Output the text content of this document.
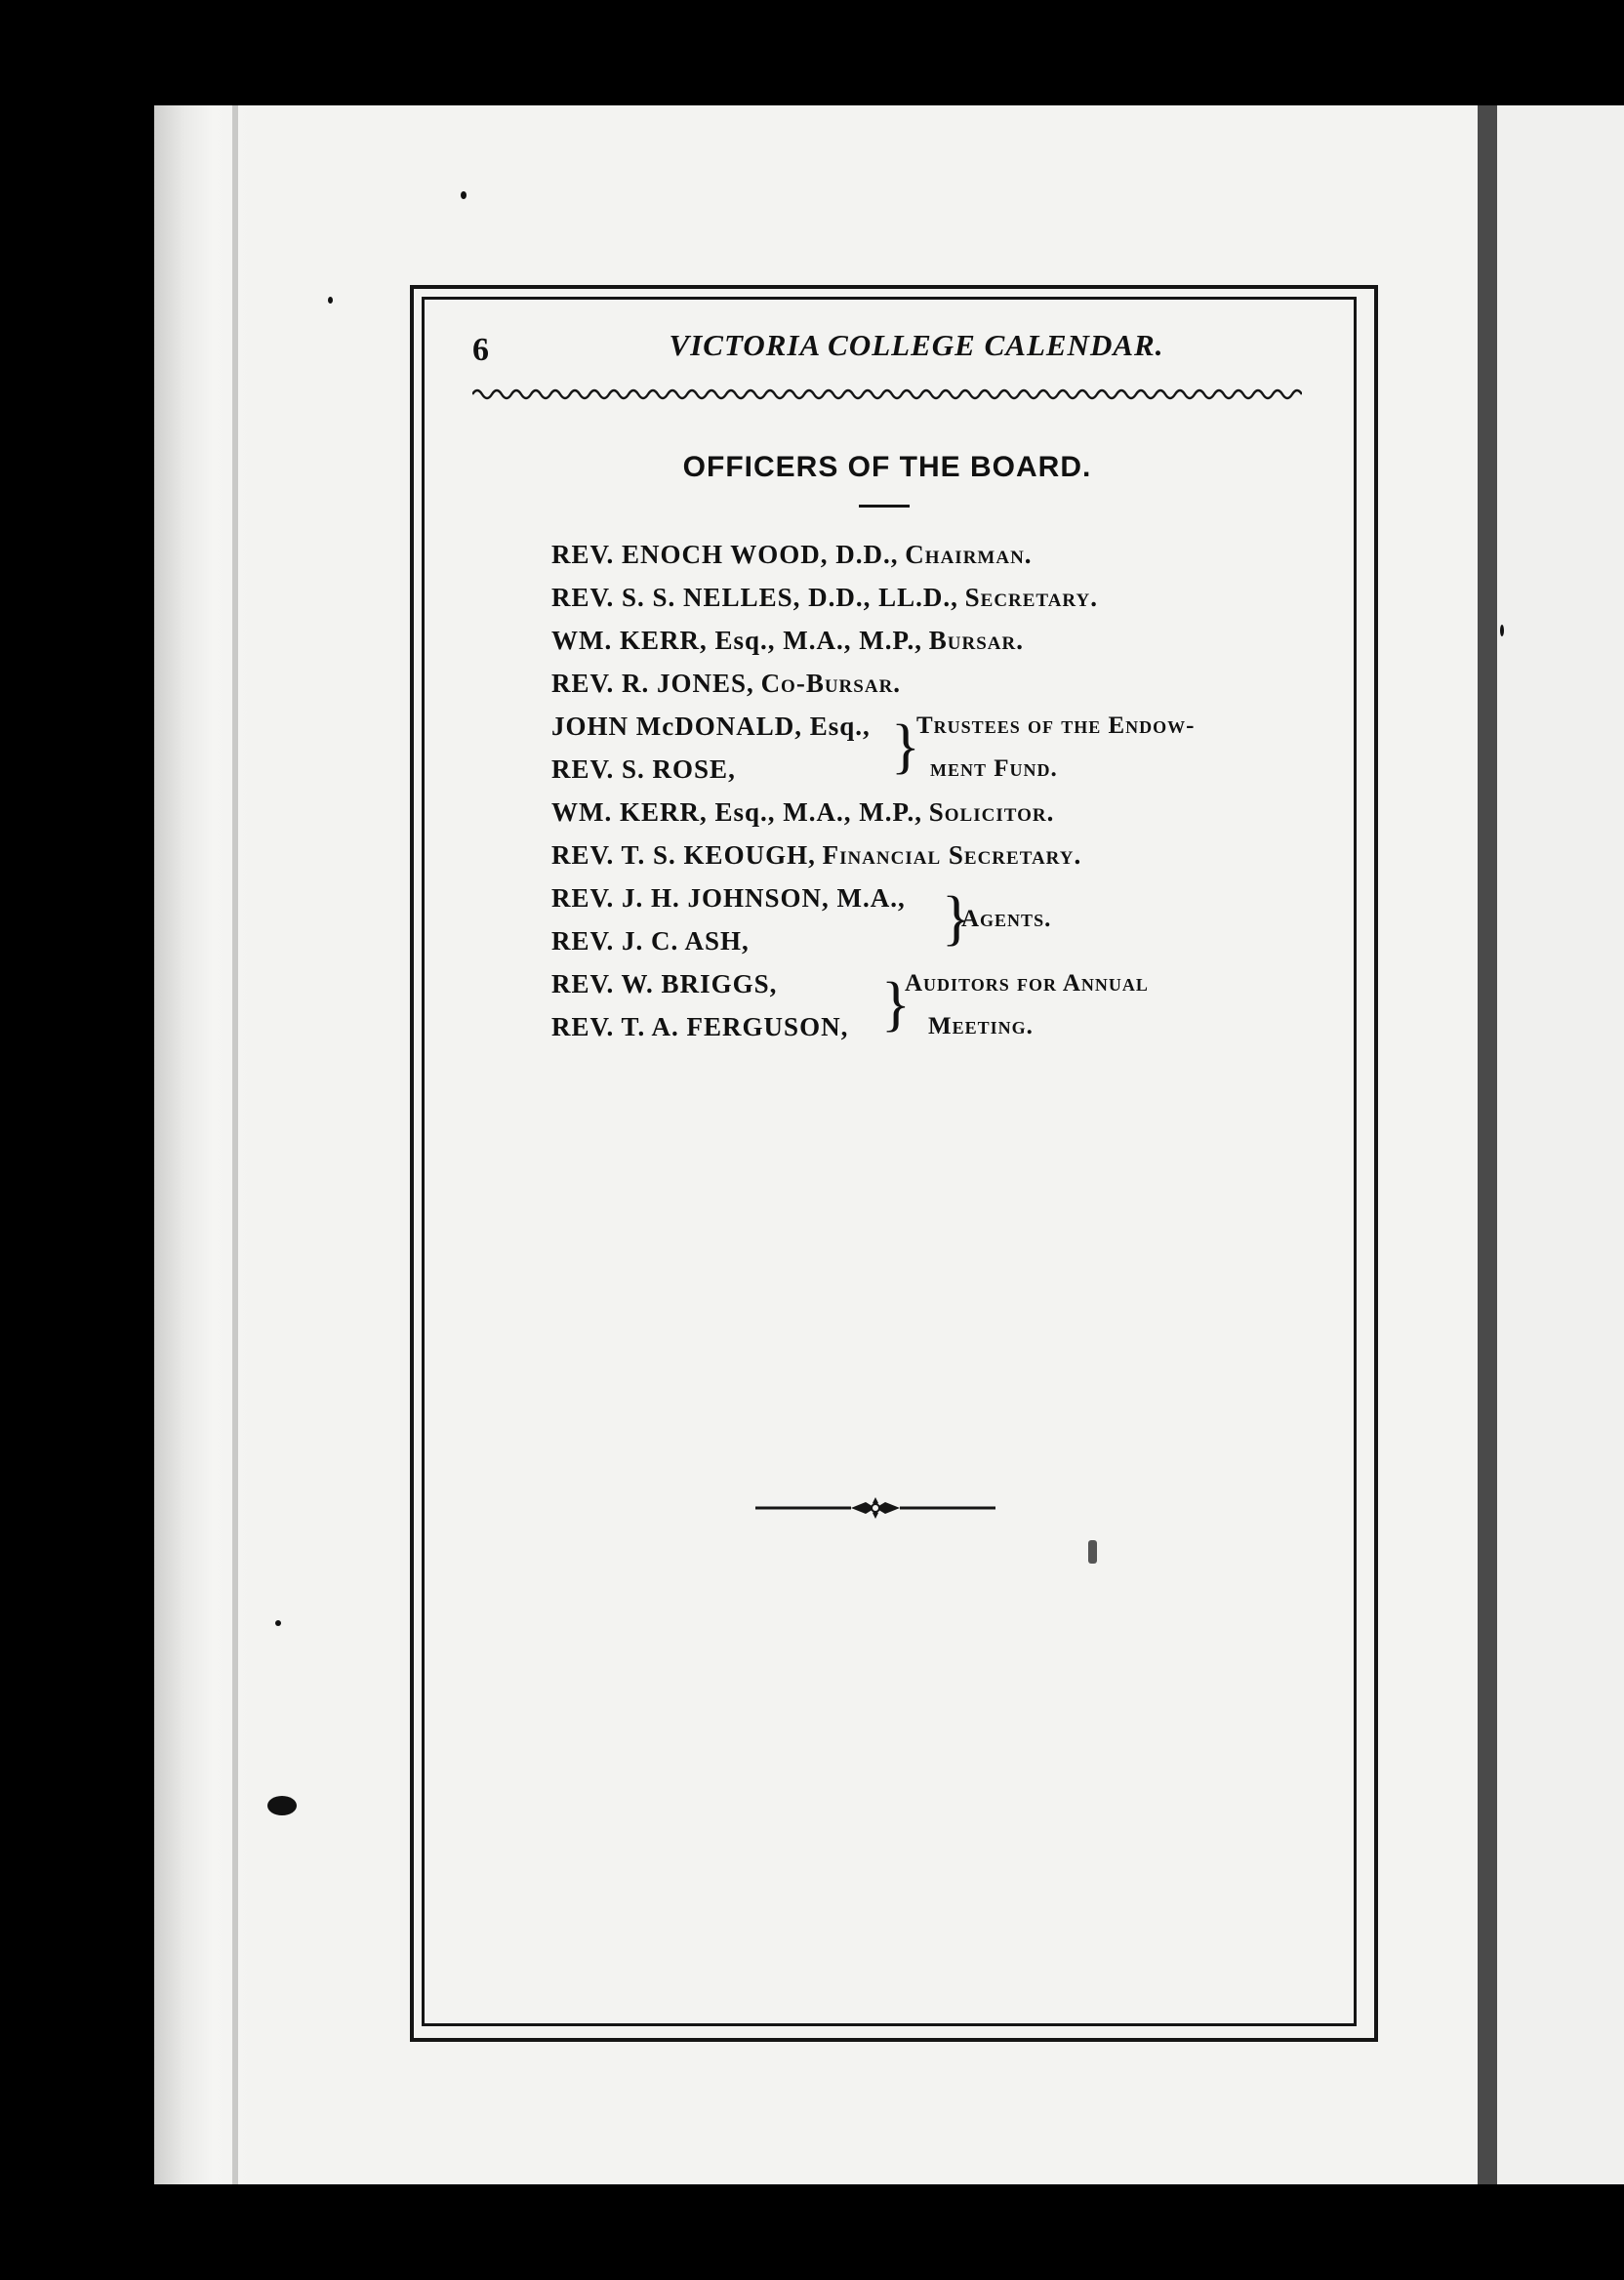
6	VICTORIA COLLEGE CALENDAR.
OFFICERS OF THE BOARD.
REV. ENOCH WOOD, D.D., Chairman.
REV. S. S. NELLES, D.D., LL.D., Secretary.
WM. KERR, Esq., M.A., M.P., Bursar.
REV. R. JONES, Co-Bursar.
JOHN McDONALD, Esq.,
REV. S. ROSE,	}
Trustees of the Endow-
ment Fund.
WM. KERR, Esq., M.A., M.P., Solicitor.
REV. T. S. KEOUGH, Financial Secretary.
REV. J. H. JOHNSON, M.A.,
REV. J. C. ASH,	}
Agents.
REV. W. BRIGGS,
REV. T. A. FERGUSON, }
Auditors for Annual
Meeting.
